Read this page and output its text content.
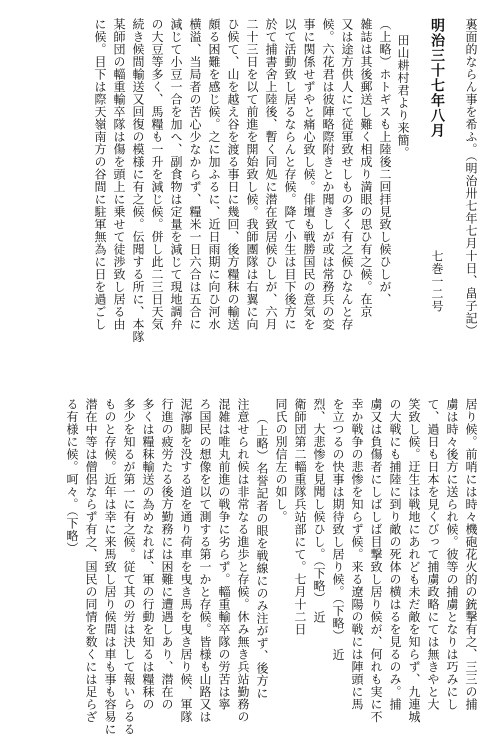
裏面的ならん事を希ふ。（明治卅七年七月十日、畠子記）
明治三十七年八月
七巻一二号
田山耕村君より来簡。
（上略）ホトギスも上陸後二回拝見致し候ひしが、
雑誌は其後郵送し難く相成り満眼の思ひ有之候。在京
又は途方供人にて従軍致せしもの多く有之候ひなんと存
候。六花君は彼陣略際附きとか聞きしが或は常務兵の変
事に関係せずやと痛心致し候。俳壇も戦勝国民の意気を
以て活動致し居るならんと存候。降て小生は目下後方に
於て捕書舍上陸後、暫く同処に潜在致居候ひしが、六月
二十三日を以て前進を開始致し候。我師團隊は右翼に向
ひ候て、山を越え谷を渡る事日に幾回、後方糧秣の輸送
頗る困難を感じ候。之に加ふるに、近日雨期に向ひ河水
横溢、当局者の苦心少なからず、糧米一日六合は五合に
減じて小豆一合を加へ、副食物は定量を減じて現地調弁
の大豆等多く、馬糧も一升を減じ候。併し此二三日天気
続き候間輸送又回復の模様に有之候。伝聞する所に、本隊
某師団の輜重輸卒隊は傷を頭上に乗せて徒渉致し居る由
に候。目下は際天嶺南方の谷間に駐軍無為に日を過ごし
居り候。前哨には時々機砲花火的の銃撃有之、三三の捕
虜は時々後方に送られ候。彼等の捕虜となりは巧みにし
て、過日も日本を見くびって捕虜政略にては無きやと大
笑致し候。迂生は戦地にあれども未だ敵を知らず、九連城
の大戦にも捕陸に到り敵の死体の横はるを見るのみ。捕
虜又は負傷者にしばしば目撃致し居り候が、何れも実に不
幸か戦争の悲惨を知らず候。来る遼陽の戦には陣頭に馬
を立つるの快事は期待致し居り候。（下略）　近
烈、大悲惨を見聞し候ひし。（下略）　近
衛師団第二輜重隊兵站部にて。七月十二日
同氏の別信左の如し。
（上略）名誉記者の眼を戦線にのみ注がず、後方に
注意せられ候は非常なる進歩と存候。休み無き兵站勤務の
混雑は唯丸前進の戦争に劣らず。輜重輸卒隊の労苦は寧
ろ国民の想像を以て測する第一かと存候。皆様も山路又は
泥濘脚を没する道を通り荷車を曳き馬を曳き居り候、軍隊
行進の疲労たる後方勤務には困難に遭遇しあり、潜在の
多くは糧秣輸送の為めなれば、軍の行動を知るは糧秣の
多少を知るが第一に有之候。従て其の労は決して報いらるる
ものと存候。近年は幸に来馬致し居り候間は車も事も容易に
潜在中等は僧侶ならず有之、国民の同情を数くには足らざ
る有様に候。呵々。（下略）
